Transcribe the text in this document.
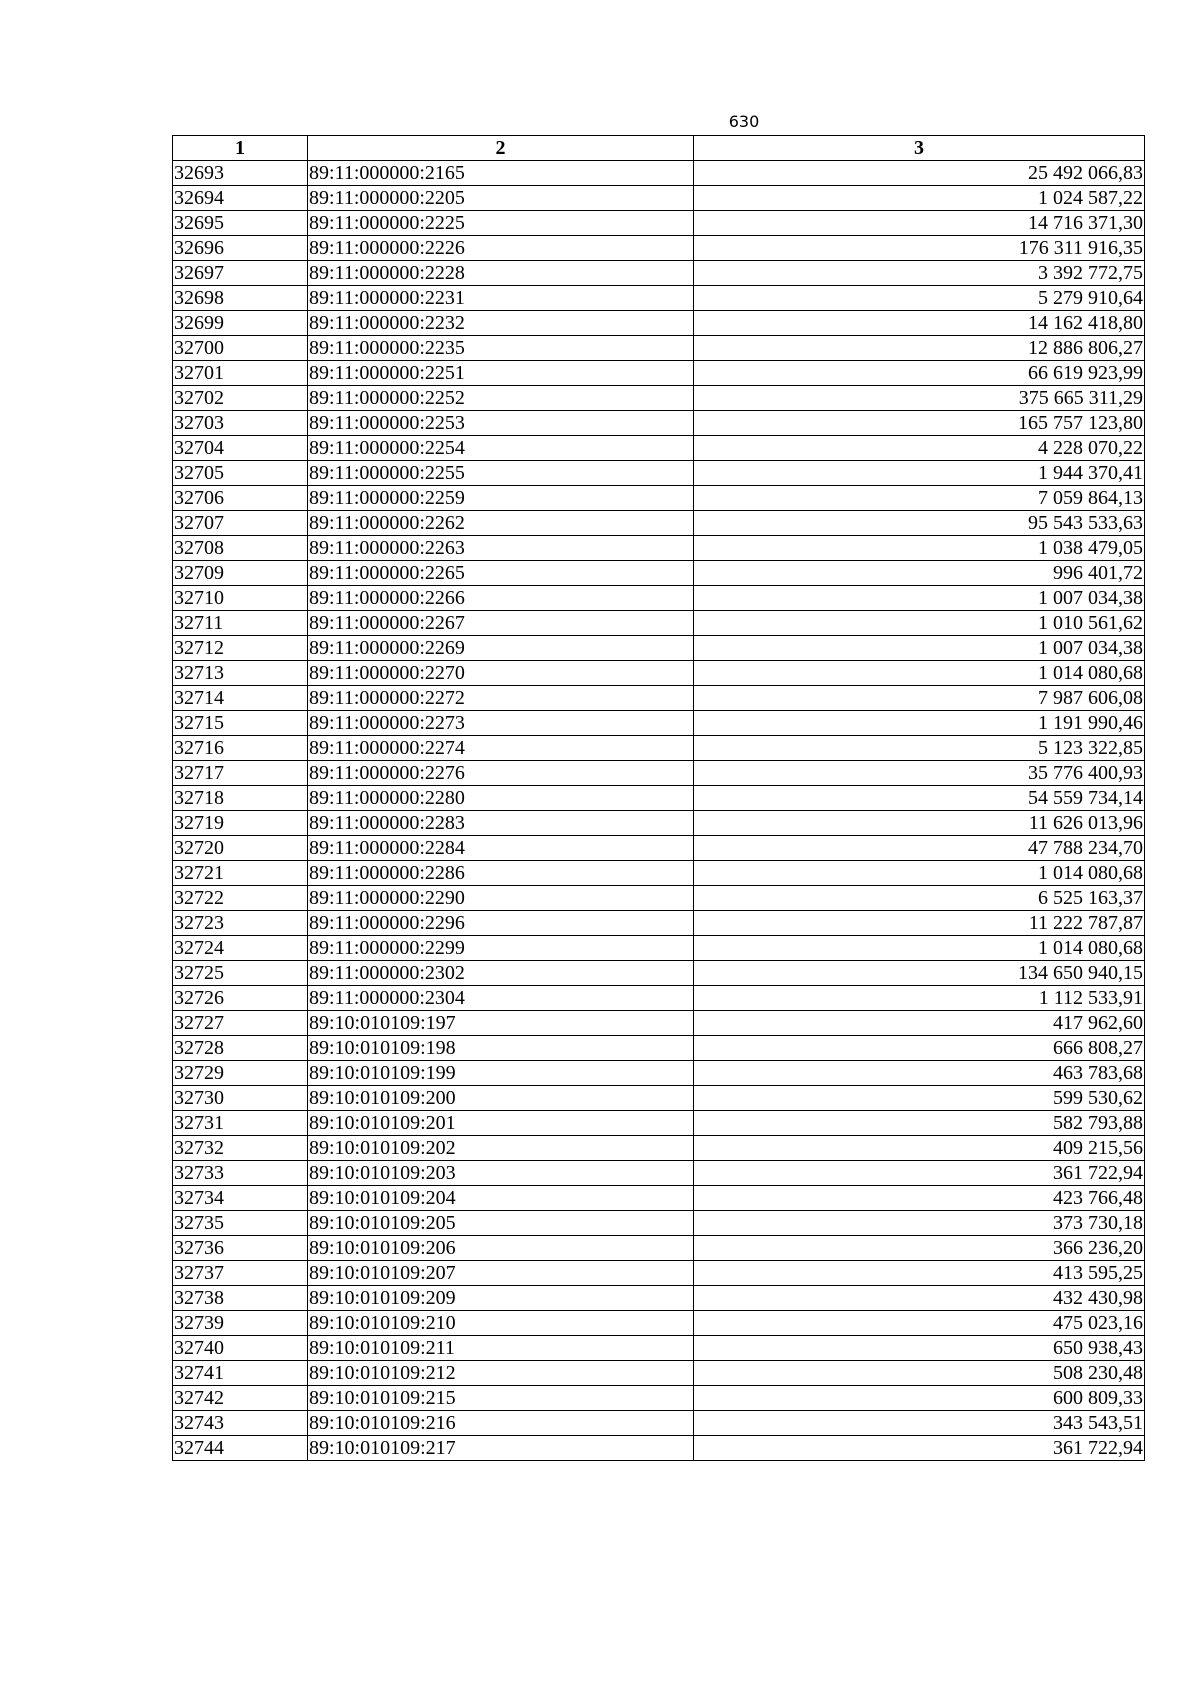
630
1	2	3
32693	89:11:000000:2165	25 492 066,83
32694	89:11:000000:2205	1 024 587,22
32695	89:11:000000:2225	14 716 371,30
32696	89:11:000000:2226	176 311 916,35
32697	89:11:000000:2228	3 392 772,75
32698	89:11:000000:2231	5 279 910,64
32699	89:11:000000:2232	14 162 418,80
32700	89:11:000000:2235	12 886 806,27
32701	89:11:000000:2251	66 619 923,99
32702	89:11:000000:2252	375 665 311,29
32703	89:11:000000:2253	165 757 123,80
32704	89:11:000000:2254	4 228 070,22
32705	89:11:000000:2255	1 944 370,41
32706	89:11:000000:2259	7 059 864,13
32707	89:11:000000:2262	95 543 533,63
32708	89:11:000000:2263	1 038 479,05
32709	89:11:000000:2265	996 401,72
32710	89:11:000000:2266	1 007 034,38
32711	89:11:000000:2267	1 010 561,62
32712	89:11:000000:2269	1 007 034,38
32713	89:11:000000:2270	1 014 080,68
32714	89:11:000000:2272	7 987 606,08
32715	89:11:000000:2273	1 191 990,46
32716	89:11:000000:2274	5 123 322,85
32717	89:11:000000:2276	35 776 400,93
32718	89:11:000000:2280	54 559 734,14
32719	89:11:000000:2283	11 626 013,96
32720	89:11:000000:2284	47 788 234,70
32721	89:11:000000:2286	1 014 080,68
32722	89:11:000000:2290	6 525 163,37
32723	89:11:000000:2296	11 222 787,87
32724	89:11:000000:2299	1 014 080,68
32725	89:11:000000:2302	134 650 940,15
32726	89:11:000000:2304	1 112 533,91
32727	89:10:010109:197	417 962,60
32728	89:10:010109:198	666 808,27
32729	89:10:010109:199	463 783,68
32730	89:10:010109:200	599 530,62
32731	89:10:010109:201	582 793,88
32732	89:10:010109:202	409 215,56
32733	89:10:010109:203	361 722,94
32734	89:10:010109:204	423 766,48
32735	89:10:010109:205	373 730,18
32736	89:10:010109:206	366 236,20
32737	89:10:010109:207	413 595,25
32738	89:10:010109:209	432 430,98
32739	89:10:010109:210	475 023,16
32740	89:10:010109:211	650 938,43
32741	89:10:010109:212	508 230,48
32742	89:10:010109:215	600 809,33
32743	89:10:010109:216	343 543,51
32744	89:10:010109:217	361 722,94
